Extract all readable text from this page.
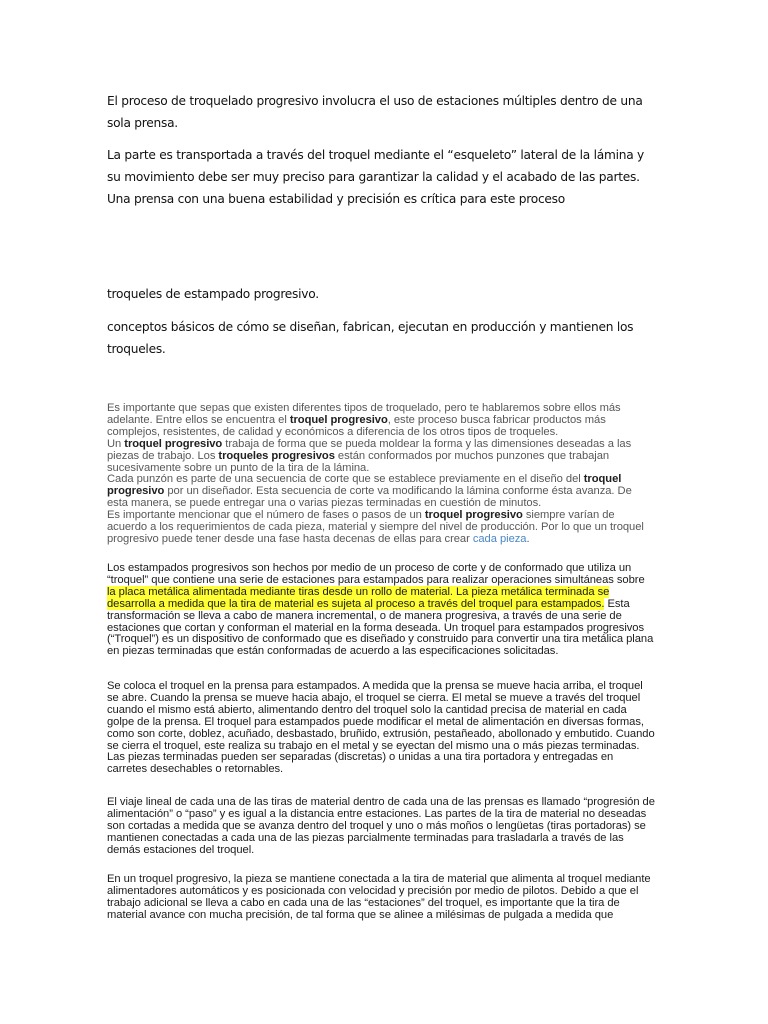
El proceso de troquelado progresivo involucra el uso de estaciones múltiples dentro de una sola prensa.

La parte es transportada a través del troquel mediante el “esqueleto” lateral de la lámina y su movimiento debe ser muy preciso para garantizar la calidad y el acabado de las partes. Una prensa con una buena estabilidad y precisión es crítica para este proceso

troqueles de estampado progresivo.

conceptos básicos de cómo se diseñan, fabrican, ejecutan en producción y mantienen los troqueles.

Es importante que sepas que existen diferentes tipos de troquelado, pero te hablaremos sobre ellos más adelante. Entre ellos se encuentra el troquel progresivo, este proceso busca fabricar productos más complejos, resistentes, de calidad y económicos a diferencia de los otros tipos de troqueles.

Un troquel progresivo trabaja de forma que se pueda moldear la forma y las dimensiones deseadas a las piezas de trabajo. Los troqueles progresivos están conformados por muchos punzones que trabajan sucesivamente sobre un punto de la tira de la lámina.

Cada punzón es parte de una secuencia de corte que se establece previamente en el diseño del troquel progresivo por un diseñador. Esta secuencia de corte va modificando la lámina conforme ésta avanza. De esta manera, se puede entregar una o varias piezas terminadas en cuestión de minutos.

Es importante mencionar que el número de fases o pasos de un troquel progresivo siempre varían de acuerdo a los requerimientos de cada pieza, material y siempre del nivel de producción. Por lo que un troquel progresivo puede tener desde una fase hasta decenas de ellas para crear cada pieza.

Los estampados progresivos son hechos por medio de un proceso de corte y de conformado que utiliza un “troquel” que contiene una serie de estaciones para estampados para realizar operaciones simultáneas sobre la placa metálica alimentada mediante tiras desde un rollo de material. La pieza metálica terminada se desarrolla a medida que la tira de material es sujeta al proceso a través del troquel para estampados. Esta transformación se lleva a cabo de manera incremental, o de manera progresiva, a través de una serie de estaciones que cortan y conforman el material en la forma deseada. Un troquel para estampados progresivos (“Troquel”) es un dispositivo de conformado que es diseñado y construido para convertir una tira metálica plana en piezas terminadas que están conformadas de acuerdo a las especificaciones solicitadas.

Se coloca el troquel en la prensa para estampados. A medida que la prensa se mueve hacia arriba, el troquel se abre. Cuando la prensa se mueve hacia abajo, el troquel se cierra. El metal se mueve a través del troquel cuando el mismo está abierto, alimentando dentro del troquel solo la cantidad precisa de material en cada golpe de la prensa. El troquel para estampados puede modificar el metal de alimentación en diversas formas, como son corte, doblez, acuñado, desbastado, bruñido, extrusión, pestañeado, abollonado y embutido. Cuando se cierra el troquel, este realiza su trabajo en el metal y se eyectan del mismo una o más piezas terminadas. Las piezas terminadas pueden ser separadas (discretas) o unidas a una tira portadora y entregadas en carretes desechables o retornables.

El viaje lineal de cada una de las tiras de material dentro de cada una de las prensas es llamado “progresión de alimentación” o “paso” y es igual a la distancia entre estaciones. Las partes de la tira de material no deseadas son cortadas a medida que se avanza dentro del troquel y uno o más moños o lengüetas (tiras portadoras) se mantienen conectadas a cada una de las piezas parcialmente terminadas para trasladarla a través de las demás estaciones del troquel.

En un troquel progresivo, la pieza se mantiene conectada a la tira de material que alimenta al troquel mediante alimentadores automáticos y es posicionada con velocidad y precisión por medio de pilotos. Debido a que el trabajo adicional se lleva a cabo en cada una de las “estaciones” del troquel, es importante que la tira de material avance con mucha precisión, de tal forma que se alinee a milésimas de pulgada a medida que
